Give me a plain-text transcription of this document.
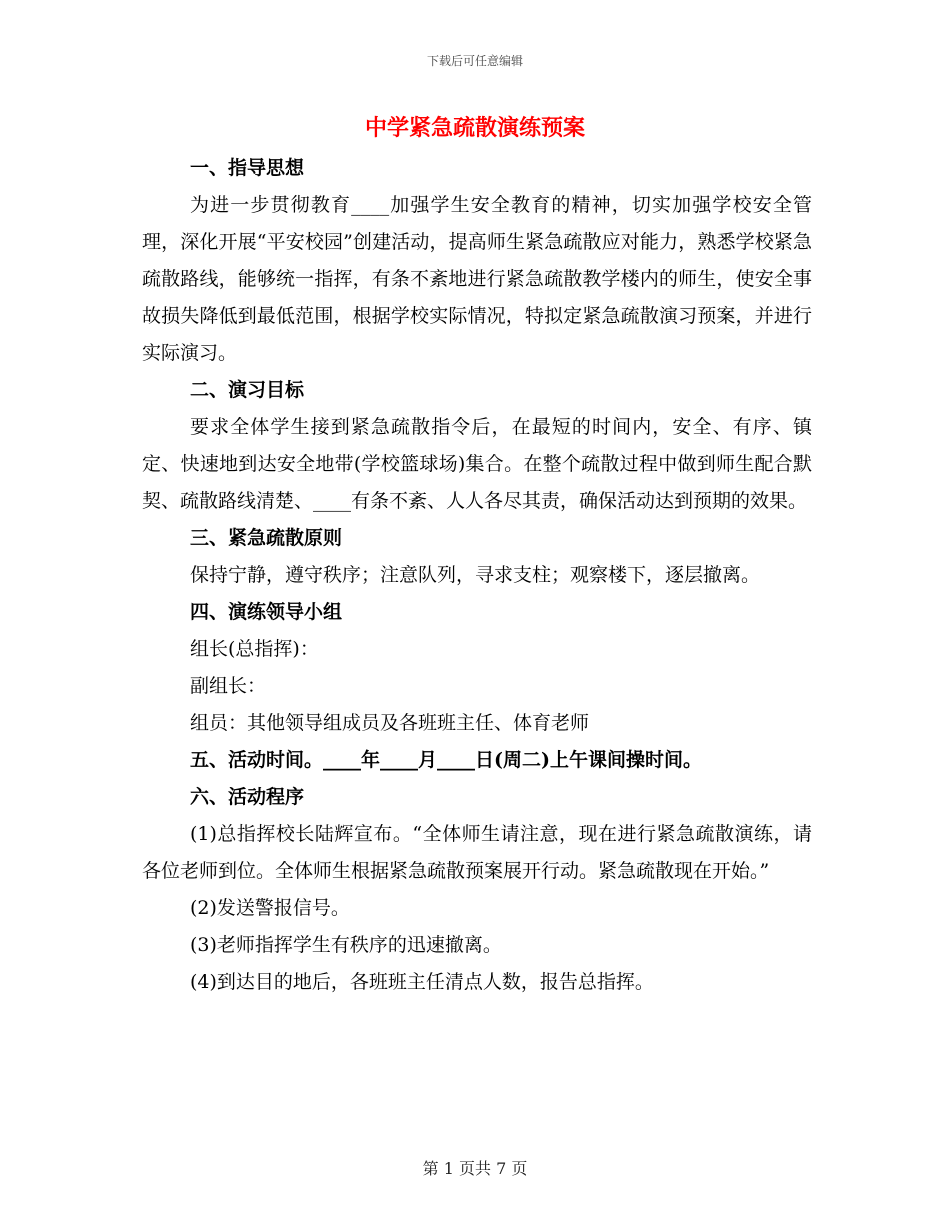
下载后可任意编辑
中学紧急疏散演练预案

一、指导思想

为进一步贯彻教育____加强学生安全教育的精神，切实加强学校安全管理，深化开展“平安校园”创建活动，提高师生紧急疏散应对能力，熟悉学校紧急疏散路线，能够统一指挥，有条不紊地进行紧急疏散教学楼内的师生，使安全事故损失降低到最低范围，根据学校实际情况，特拟定紧急疏散演习预案，并进行实际演习。

二、演习目标

要求全体学生接到紧急疏散指令后，在最短的时间内，安全、有序、镇定、快速地到达安全地带(学校篮球场)集合。在整个疏散过程中做到师生配合默契、疏散路线清楚、____有条不紊、人人各尽其责，确保活动达到预期的效果。

三、紧急疏散原则

保持宁静，遵守秩序；注意队列，寻求支柱；观察楼下，逐层撤离。

四、演练领导小组

组长(总指挥)：

副组长：

组员：其他领导组成员及各班班主任、体育老师

五、活动时间。____年____月____日(周二)上午课间操时间。

六、活动程序

(1)总指挥校长陆辉宣布。“全体师生请注意，现在进行紧急疏散演练，请各位老师到位。全体师生根据紧急疏散预案展开行动。紧急疏散现在开始。”

(2)发送警报信号。

(3)老师指挥学生有秩序的迅速撤离。

(4)到达目的地后，各班班主任清点人数，报告总指挥。

第 1 页共 7 页
